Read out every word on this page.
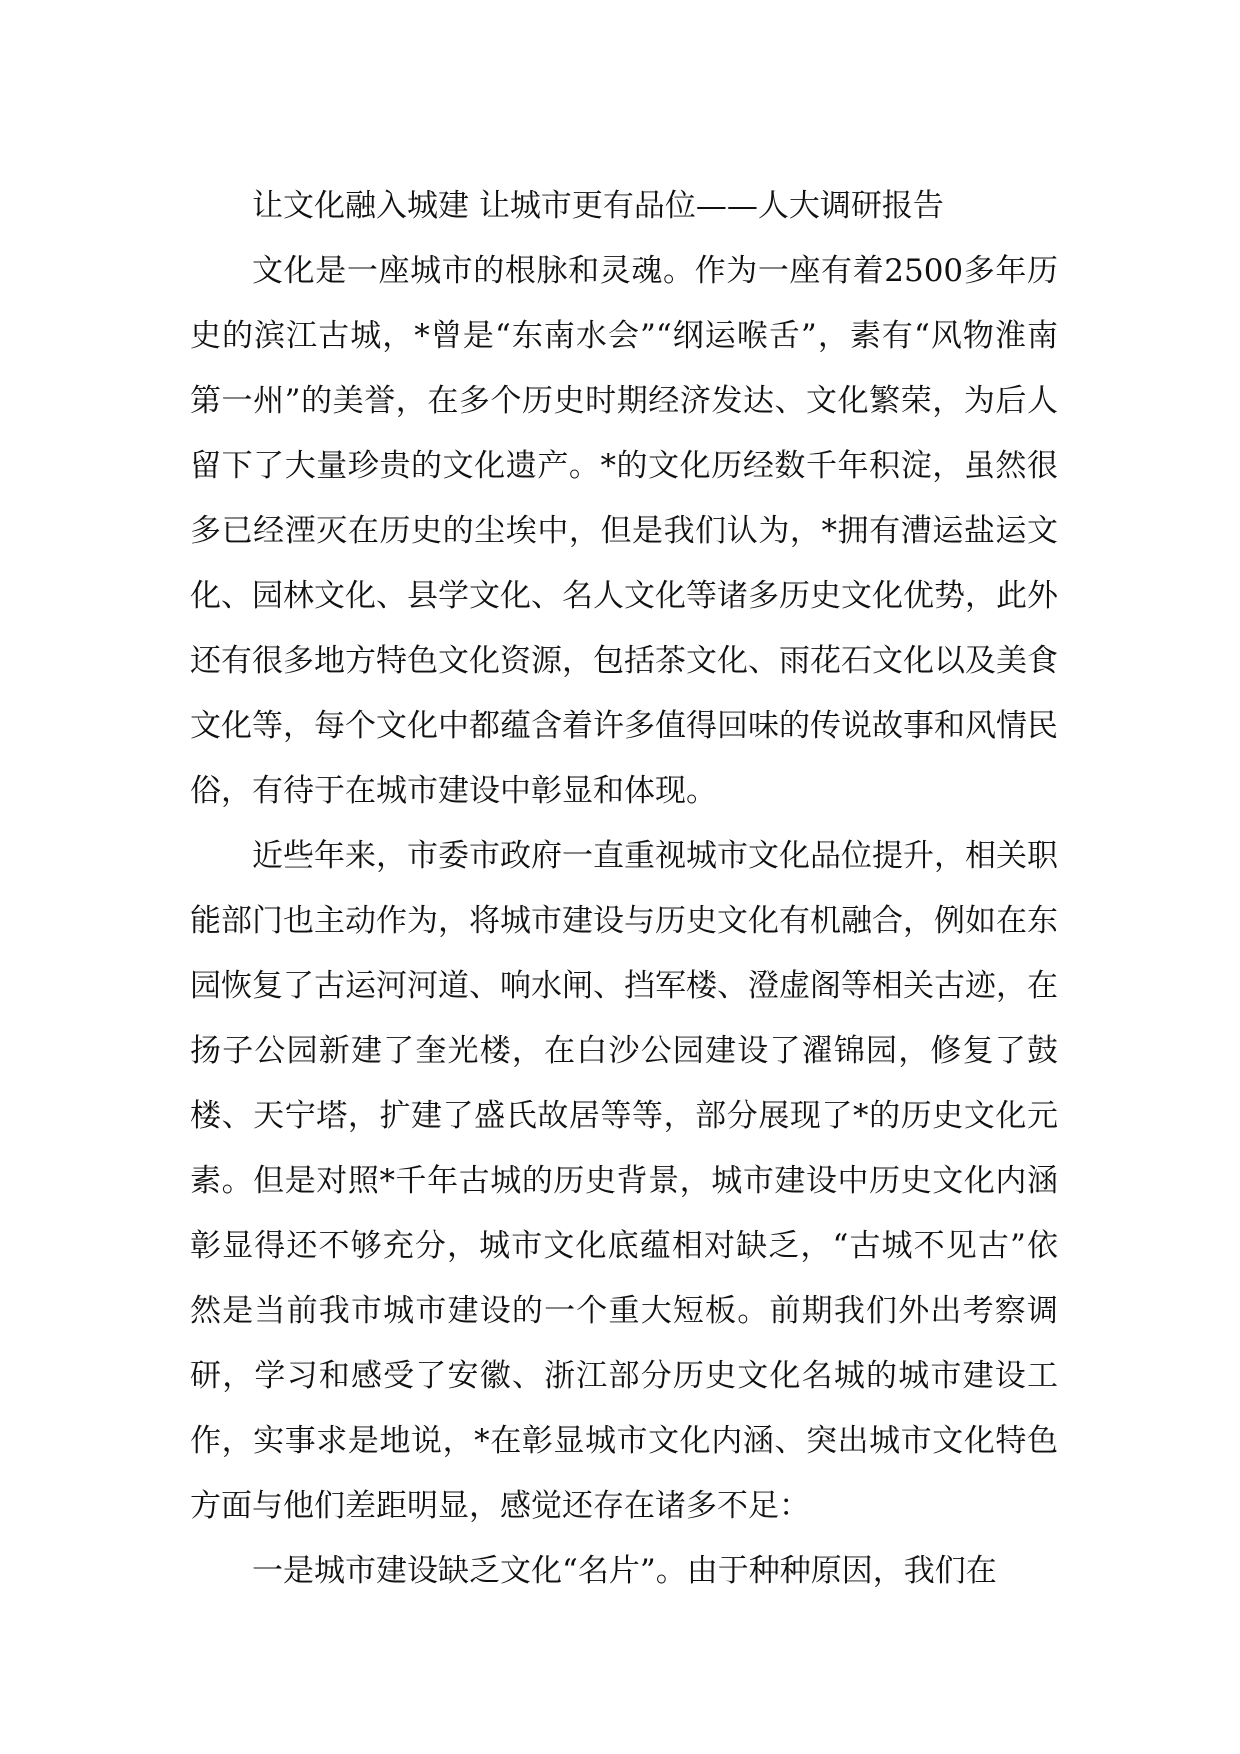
让文化融入城建 让城市更有品位——人大调研报告

文化是一座城市的根脉和灵魂。作为一座有着2500多年历史的滨江古城，*曾是“东南水会”“纲运喉舌”，素有“风物淮南第一州”的美誉，在多个历史时期经济发达、文化繁荣，为后人留下了大量珍贵的文化遗产。*的文化历经数千年积淀，虽然很多已经湮灭在历史的尘埃中，但是我们认为，*拥有漕运盐运文化、园林文化、县学文化、名人文化等诸多历史文化优势，此外还有很多地方特色文化资源，包括茶文化、雨花石文化以及美食文化等，每个文化中都蕴含着许多值得回味的传说故事和风情民俗，有待于在城市建设中彰显和体现。

近些年来，市委市政府一直重视城市文化品位提升，相关职能部门也主动作为，将城市建设与历史文化有机融合，例如在东园恢复了古运河河道、响水闸、挡军楼、澄虚阁等相关古迹，在扬子公园新建了奎光楼，在白沙公园建设了濯锦园，修复了鼓楼、天宁塔，扩建了盛氏故居等等，部分展现了*的历史文化元素。但是对照*千年古城的历史背景，城市建设中历史文化内涵彰显得还不够充分，城市文化底蕴相对缺乏，“古城不见古”依然是当前我市城市建设的一个重大短板。前期我们外出考察调研，学习和感受了安徽、浙江部分历史文化名城的城市建设工作，实事求是地说，*在彰显城市文化内涵、突出城市文化特色方面与他们差距明显，感觉还存在诸多不足：

一是城市建设缺乏文化“名片”。由于种种原因，我们在
